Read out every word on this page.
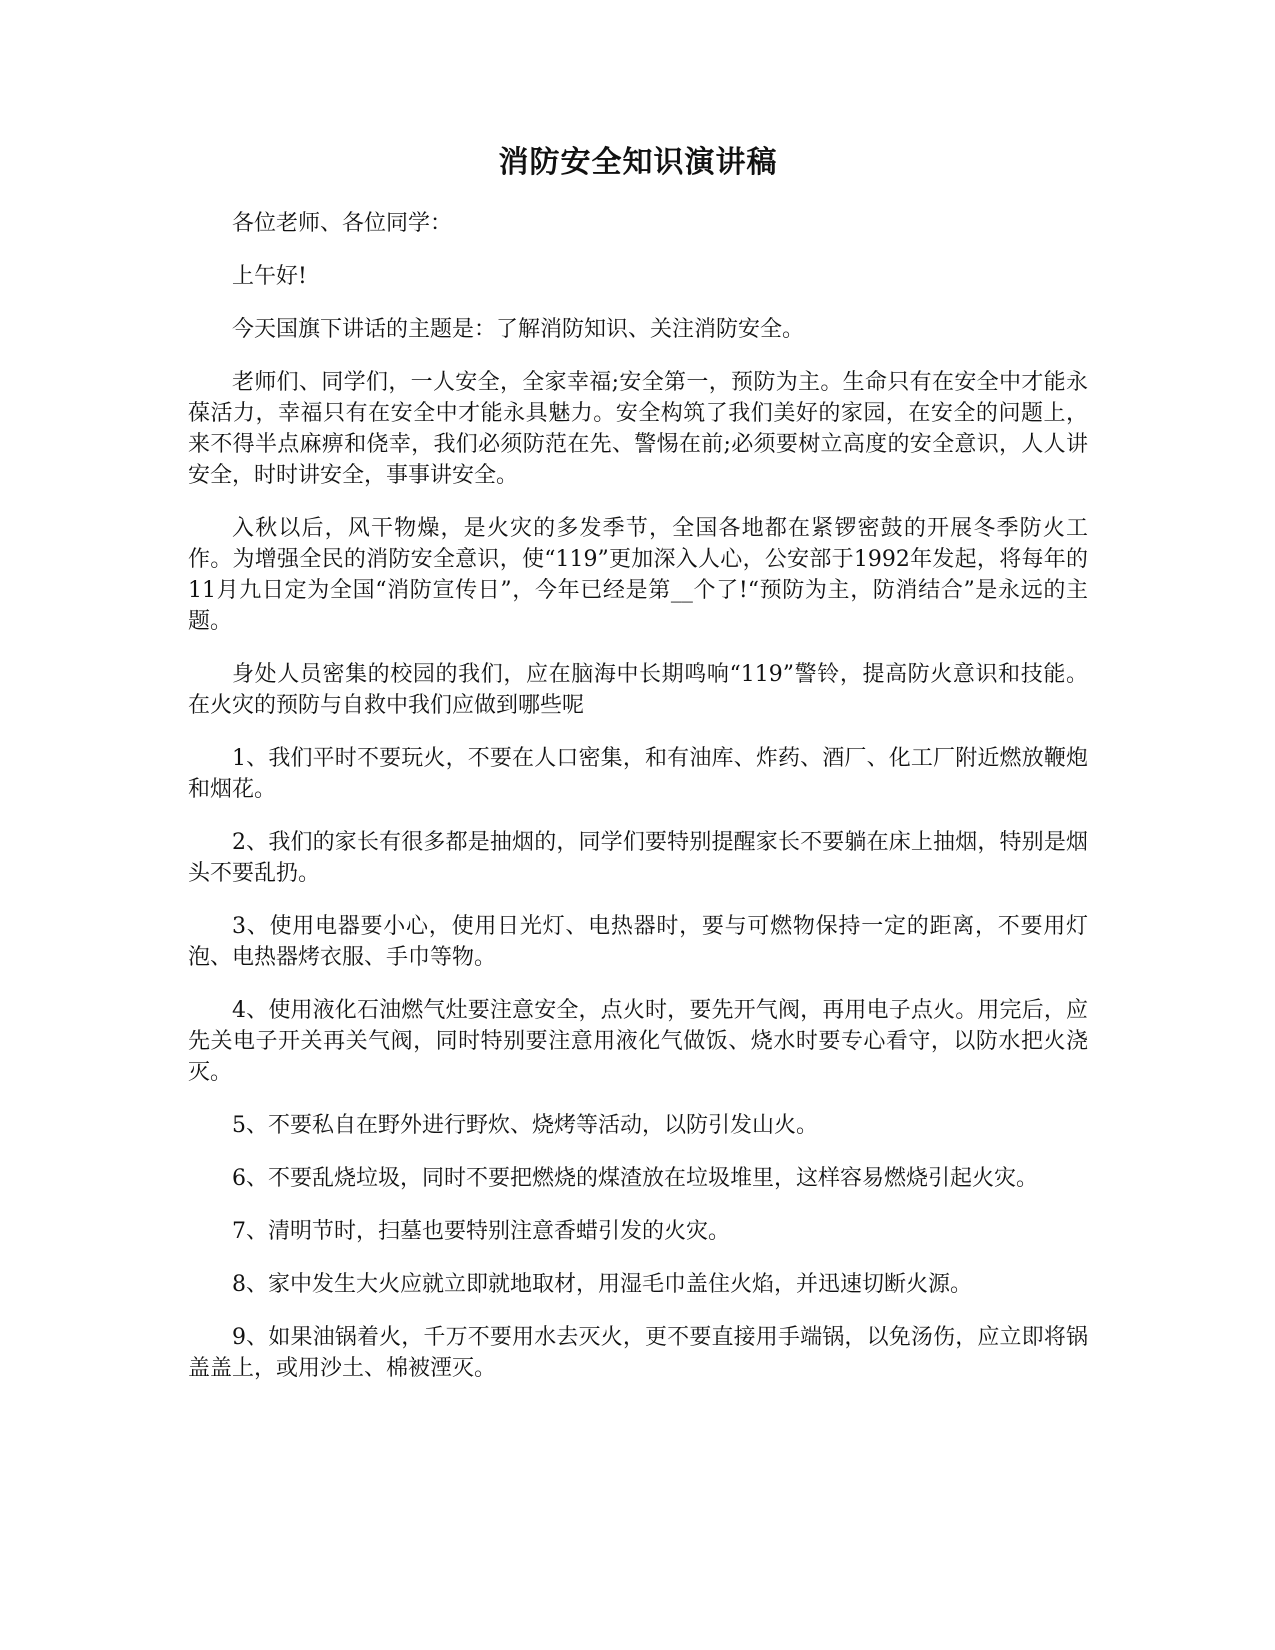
消防安全知识演讲稿

各位老师、各位同学：

上午好!

今天国旗下讲话的主题是：了解消防知识、关注消防安全。

老师们、同学们，一人安全，全家幸福;安全第一，预防为主。生命只有在安全中才能永葆活力，幸福只有在安全中才能永具魅力。安全构筑了我们美好的家园，在安全的问题上，来不得半点麻痹和侥幸，我们必须防范在先、警惕在前;必须要树立高度的安全意识，人人讲安全，时时讲安全，事事讲安全。

入秋以后，风干物燥，是火灾的多发季节，全国各地都在紧锣密鼓的开展冬季防火工作。为增强全民的消防安全意识，使“119”更加深入人心，公安部于1992年发起，将每年的11月九日定为全国“消防宣传日”，今年已经是第__个了!“预防为主，防消结合”是永远的主题。

身处人员密集的校园的我们，应在脑海中长期鸣响“119”警铃，提高防火意识和技能。在火灾的预防与自救中我们应做到哪些呢

1、我们平时不要玩火，不要在人口密集，和有油库、炸药、酒厂、化工厂附近燃放鞭炮和烟花。

2、我们的家长有很多都是抽烟的，同学们要特别提醒家长不要躺在床上抽烟，特别是烟头不要乱扔。

3、使用电器要小心，使用日光灯、电热器时，要与可燃物保持一定的距离，不要用灯泡、电热器烤衣服、手巾等物。

4、使用液化石油燃气灶要注意安全，点火时，要先开气阀，再用电子点火。用完后，应先关电子开关再关气阀，同时特别要注意用液化气做饭、烧水时要专心看守，以防水把火浇灭。

5、不要私自在野外进行野炊、烧烤等活动，以防引发山火。

6、不要乱烧垃圾，同时不要把燃烧的煤渣放在垃圾堆里，这样容易燃烧引起火灾。

7、清明节时，扫墓也要特别注意香蜡引发的火灾。

8、家中发生大火应就立即就地取材，用湿毛巾盖住火焰，并迅速切断火源。

9、如果油锅着火，千万不要用水去灭火，更不要直接用手端锅，以免汤伤，应立即将锅盖盖上，或用沙土、棉被湮灭。
